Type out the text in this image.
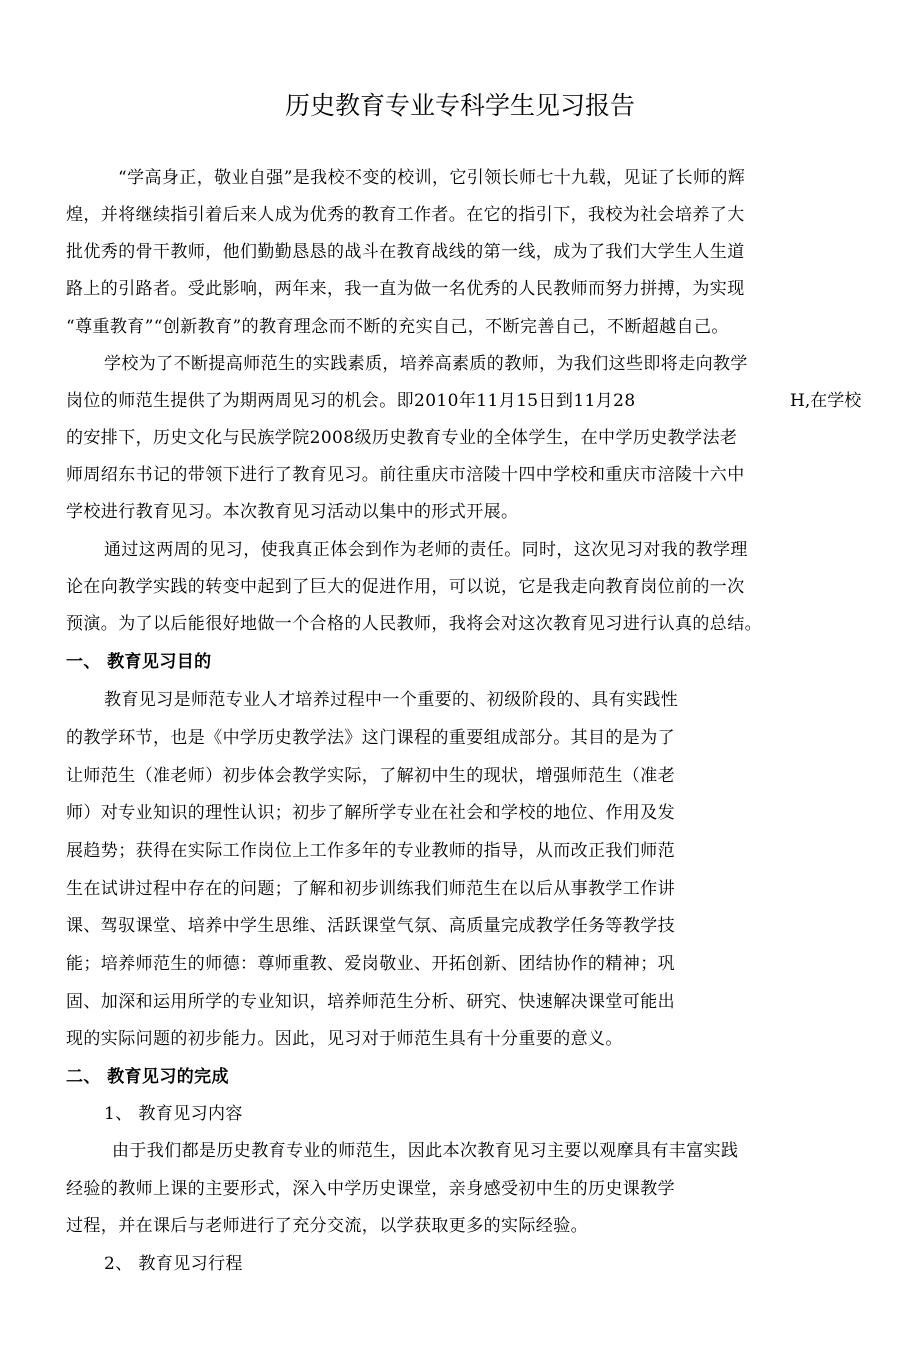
历史教育专业专科学生见习报告
“学高身正，敬业自强”是我校不变的校训，它引领长师七十九载，见证了长师的辉
煌，并将继续指引着后来人成为优秀的教育工作者。在它的指引下，我校为社会培养了大
批优秀的骨干教师，他们勤勤恳恳的战斗在教育战线的第一线，成为了我们大学生人生道
路上的引路者。受此影响，两年来，我一直为做一名优秀的人民教师而努力拼搏，为实现
“尊重教育”“创新教育”的教育理念而不断的充实自己，不断完善自己，不断超越自己。
学校为了不断提高师范生的实践素质，培养高素质的教师，为我们这些即将走向教学
岗位的师范生提供了为期两周见习的机会。即2010年11月15日到11月28	H,在学校
的安排下，历史文化与民族学院2008级历史教育专业的全体学生，在中学历史教学法老
师周绍东书记的带领下进行了教育见习。前往重庆市涪陵十四中学校和重庆市涪陵十六中
学校进行教育见习。本次教育见习活动以集中的形式开展。
通过这两周的见习，使我真正体会到作为老师的责任。同时，这次见习对我的教学理
论在向教学实践的转变中起到了巨大的促进作用，可以说，它是我走向教育岗位前的一次
预演。为了以后能很好地做一个合格的人民教师，我将会对这次教育见习进行认真的总结。
一、 教育见习目的
教育见习是师范专业人才培养过程中一个重要的、初级阶段的、具有实践性
的教学环节，也是《中学历史教学法》这门课程的重要组成部分。其目的是为了
让师范生（准老师）初步体会教学实际，了解初中生的现状，增强师范生（准老
师）对专业知识的理性认识；初步了解所学专业在社会和学校的地位、作用及发
展趋势；获得在实际工作岗位上工作多年的专业教师的指导，从而改正我们师范
生在试讲过程中存在的问题；了解和初步训练我们师范生在以后从事教学工作讲
课、驾驭课堂、培养中学生思维、活跃课堂气氛、高质量完成教学任务等教学技
能；培养师范生的师德：尊师重教、爱岗敬业、开拓创新、团结协作的精神；巩
固、加深和运用所学的专业知识，培养师范生分析、研究、快速解决课堂可能出
现的实际问题的初步能力。因此，见习对于师范生具有十分重要的意义。
二、 教育见习的完成
1、 教育见习内容
由于我们都是历史教育专业的师范生，因此本次教育见习主要以观摩具有丰富实践
经验的教师上课的主要形式，深入中学历史课堂，亲身感受初中生的历史课教学
过程，并在课后与老师进行了充分交流，以学获取更多的实际经验。
2、 教育见习行程
